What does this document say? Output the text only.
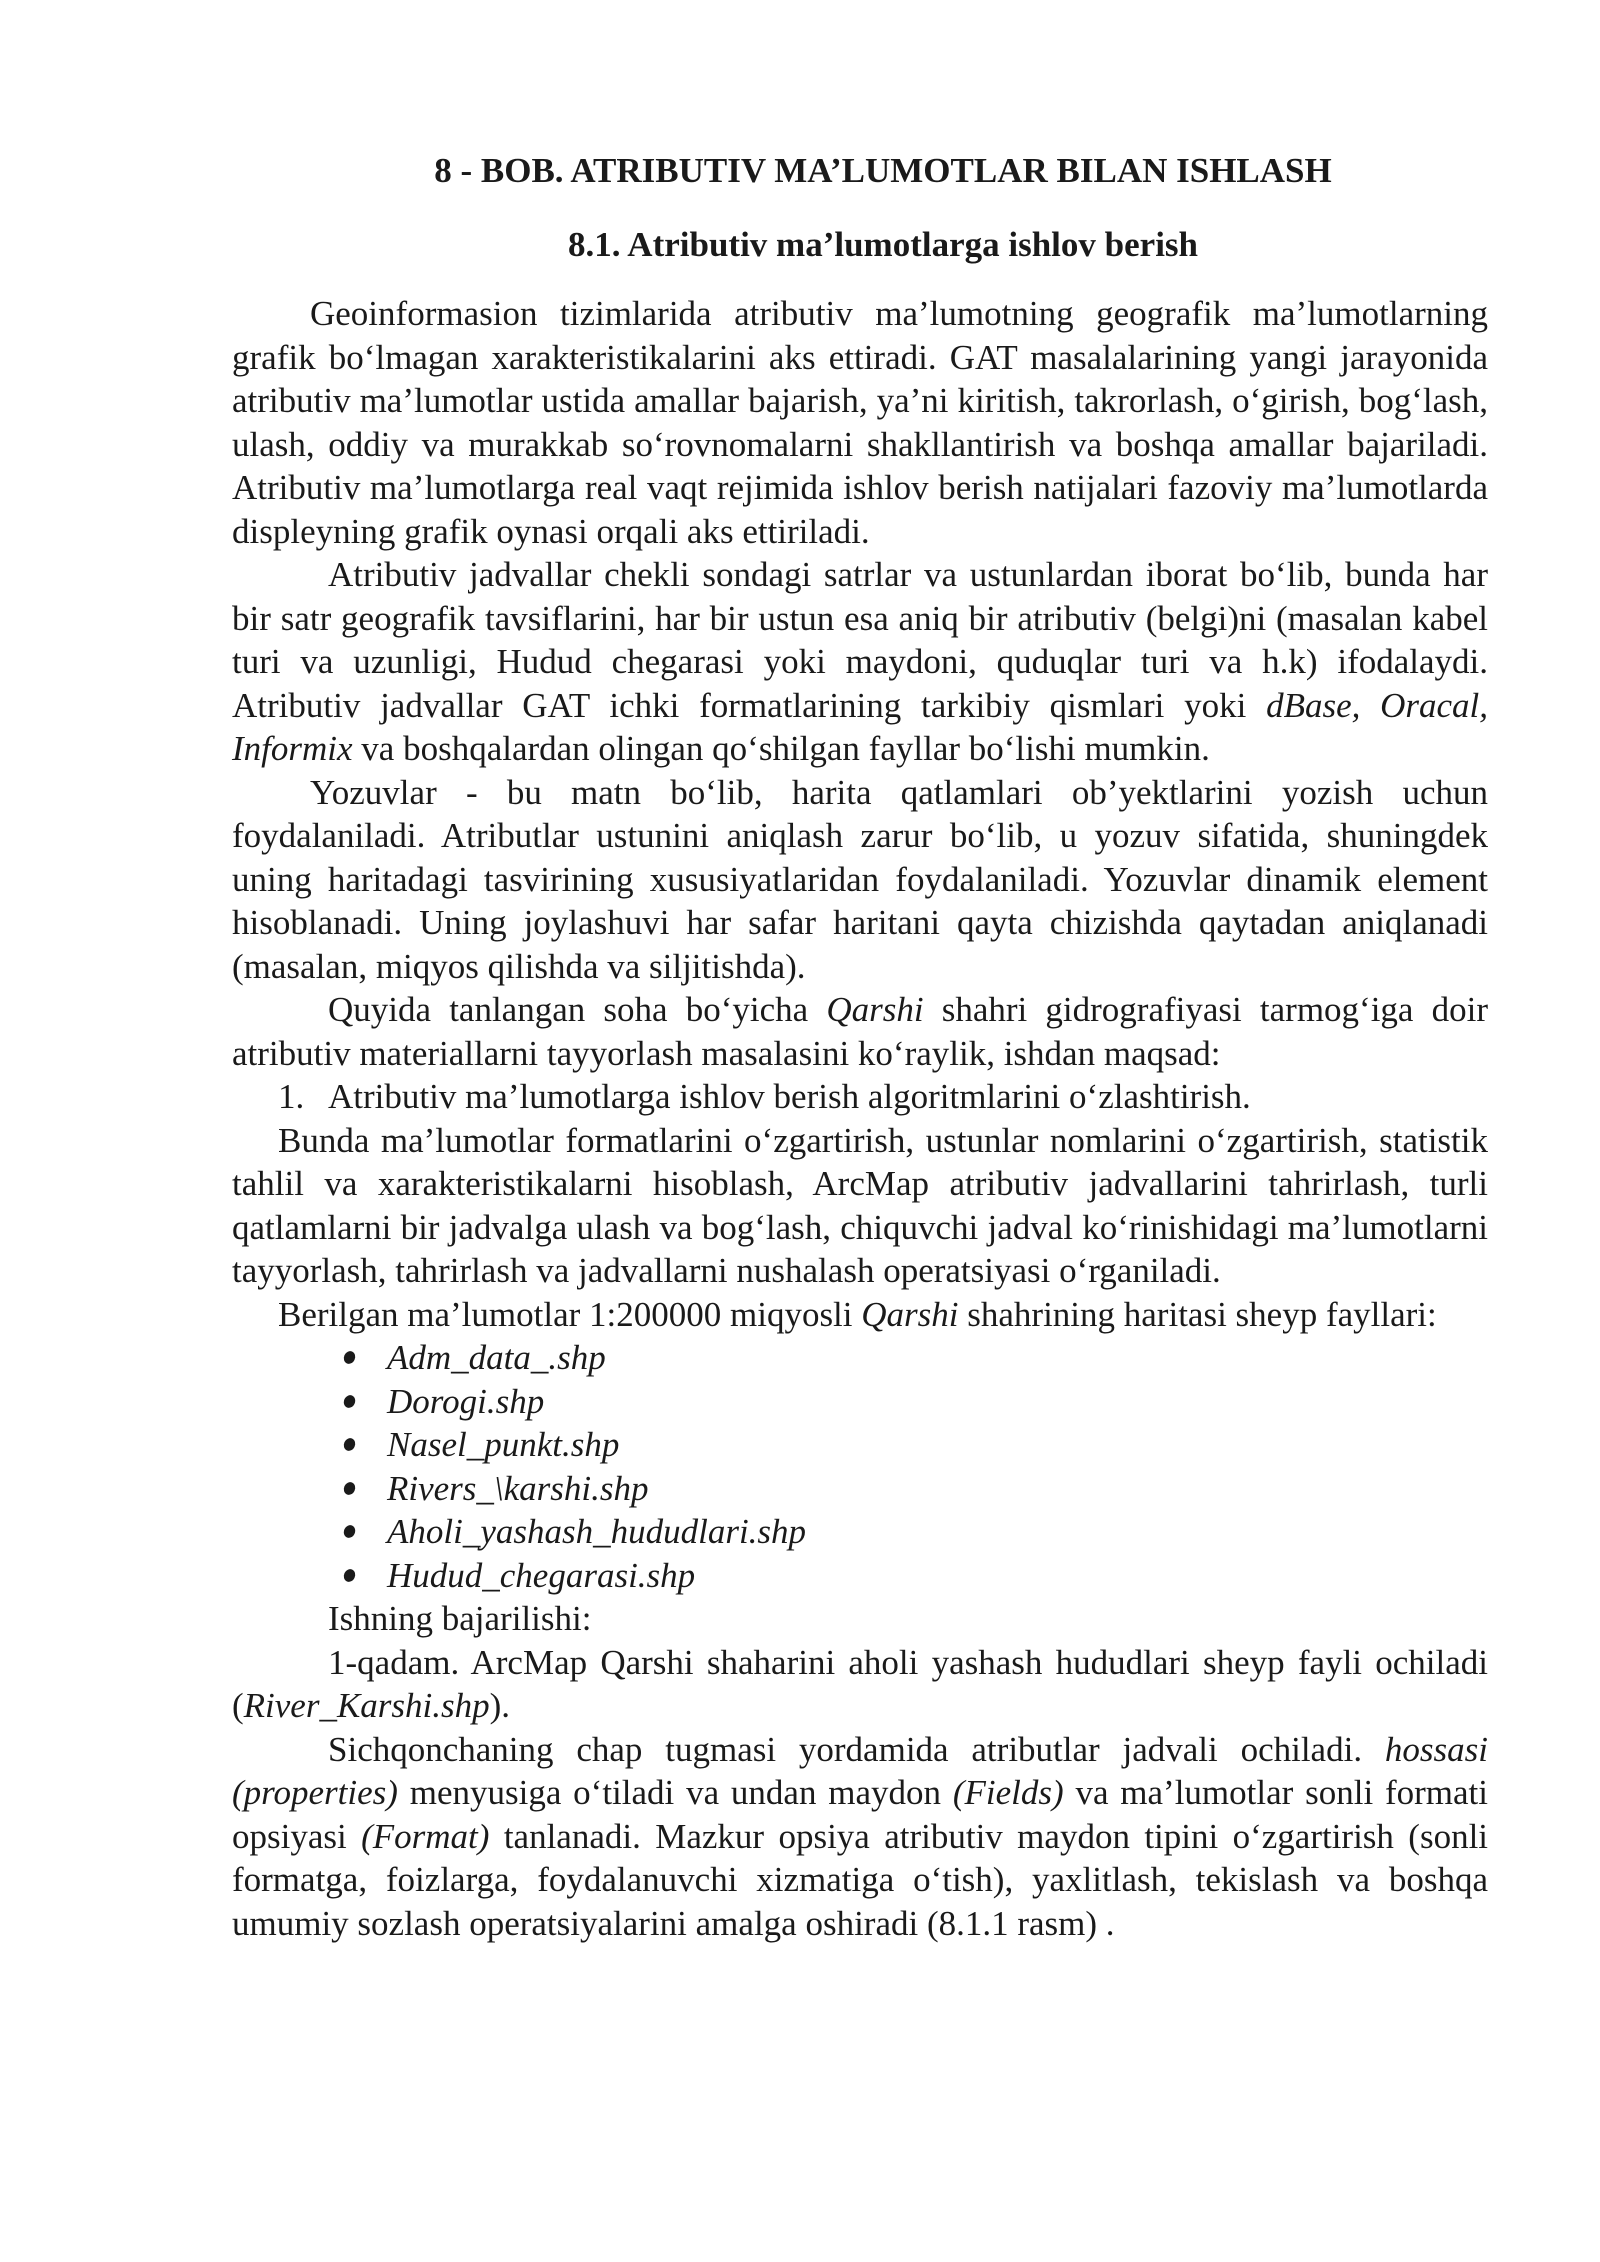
8 - BOB. ATRIBUTIV MA’LUMOTLAR BILAN ISHLASH
8.1. Atributiv ma’lumotlarga ishlov berish

Geoinformasion tizimlarida atributiv ma’lumotning geografik ma’lumotlarning grafik bo‘lmagan xarakteristikalarini aks ettiradi. GAT masalalarining yangi jarayonida atributiv ma’lumotlar ustida amallar bajarish, ya’ni kiritish, takrorlash, o‘girish, bog‘lash, ulash, oddiy va murakkab so‘rovnomalarni shakllantirish va boshqa amallar bajariladi. Atributiv ma’lumotlarga real vaqt rejimida ishlov berish natijalari fazoviy ma’lumotlarda displeyning grafik oynasi orqali aks ettiriladi.

Atributiv jadvallar chekli sondagi satrlar va ustunlardan iborat bo‘lib, bunda har bir satr geografik tavsiflarini, har bir ustun esa aniq bir atributiv (belgi)ni (masalan kabel turi va uzunligi, Hudud chegarasi yoki maydoni, quduqlar turi va h.k) ifodalaydi. Atributiv jadvallar GAT ichki formatlarining tarkibiy qismlari yoki dBase, Oracal, Informix va boshqalardan olingan qo‘shilgan fayllar bo‘lishi mumkin.

Yozuvlar - bu matn bo‘lib, harita qatlamlari ob’yektlarini yozish uchun foydalaniladi. Atributlar ustunini aniqlash zarur bo‘lib, u yozuv sifatida, shuningdek uning haritadagi tasvirining xususiyatlaridan foydalaniladi. Yozuvlar dinamik element hisoblanadi. Uning joylashuvi har safar haritani qayta chizishda qaytadan aniqlanadi (masalan, miqyos qilishda va siljitishda).

Quyida tanlangan soha bo‘yicha Qarshi shahri gidrografiyasi tarmog‘iga doir atributiv materiallarni tayyorlash masalasini ko‘raylik, ishdan maqsad:

1. Atributiv ma’lumotlarga ishlov berish algoritmlarini o‘zlashtirish.

Bunda ma’lumotlar formatlarini o‘zgartirish, ustunlar nomlarini o‘zgartirish, statistik tahlil va xarakteristikalarni hisoblash, ArcMap atributiv jadvallarini tahrirlash, turli qatlamlarni bir jadvalga ulash va bog‘lash, chiquvchi jadval ko‘rinishidagi ma’lumotlarni tayyorlash, tahrirlash va jadvallarni nushalash operatsiyasi o‘rganiladi.

Berilgan ma’lumotlar 1:200000 miqyosli Qarshi shahrining haritasi sheyp fayllari:

Adm_data_.shp
Dorogi.shp
Nasel_punkt.shp
Rivers_\karshi.shp
Aholi_yashash_hududlari.shp
Hudud_chegarasi.shp

Ishning bajarilishi:

1-qadam. ArcMap Qarshi shaharini aholi yashash hududlari sheyp fayli ochiladi (River_Karshi.shp).

Sichqonchaning chap tugmasi yordamida atributlar jadvali ochiladi. hossasi (properties) menyusiga o‘tiladi va undan maydon (Fields) va ma’lumotlar sonli formati opsiyasi (Format) tanlanadi. Mazkur opsiya atributiv maydon tipini o‘zgartirish (sonli formatga, foizlarga, foydalanuvchi xizmatiga o‘tish), yaxlitlash, tekislash va boshqa umumiy sozlash operatsiyalarini amalga oshiradi (8.1.1 rasm) .
